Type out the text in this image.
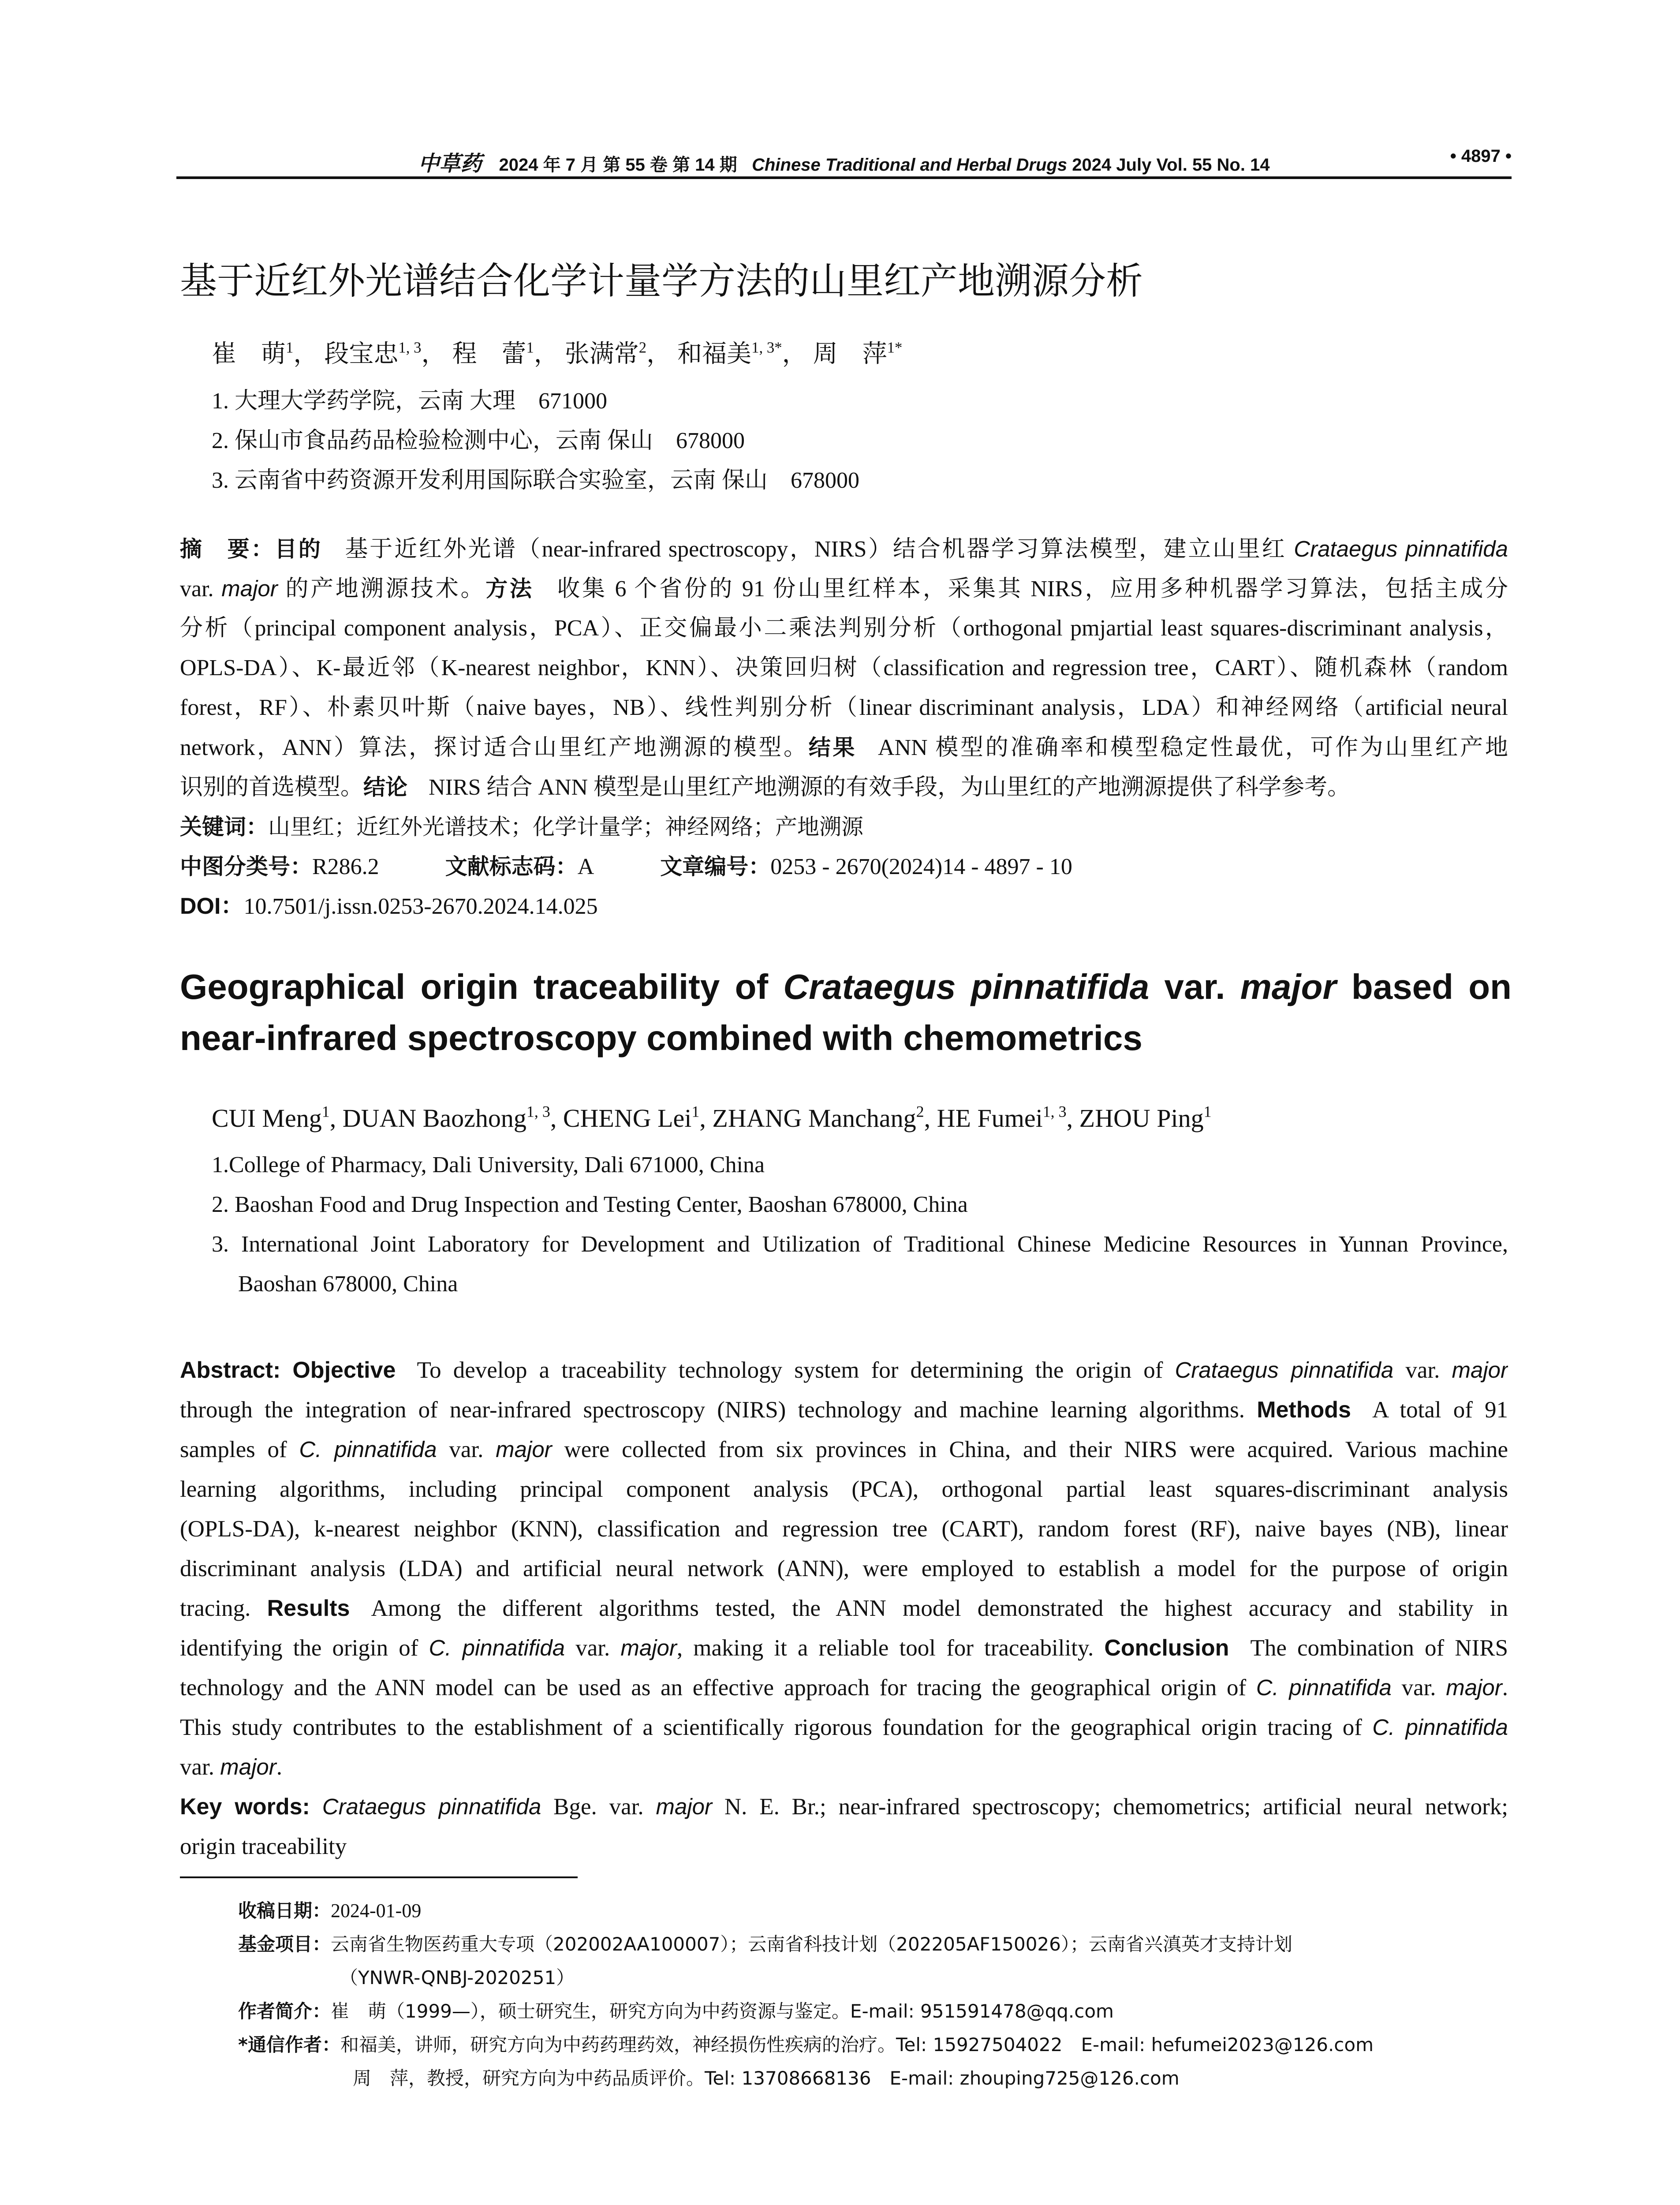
中草药 2024 年 7 月 第 55 卷 第 14 期 Chinese Traditional and Herbal Drugs 2024 July Vol. 55 No. 14	• 4897 •
基于近红外光谱结合化学计量学方法的山里红产地溯源分析
崔　萌$^1$， 段宝忠$^{1, 3}$， 程　蕾$^1$， 张满常$^2$， 和福美$^{1, 3*}$， 周　萍$^{1*}$
1. 大理大学药学院，云南 大理　671000
2. 保山市食品药品检验检测中心，云南 保山　678000
3. 云南省中药资源开发利用国际联合实验室，云南 保山　678000
摘　要：目的 基于近红外光谱（near-infrared spectroscopy，NIRS）结合机器学习算法模型，建立山里红 Crataegus pinnatifida
var. major 的产地溯源技术。方法 收集 6 个省份的 91 份山里红样本，采集其 NIRS，应用多种机器学习算法，包括主成分
分析（principal component analysis，PCA）、正交偏最小二乘法判别分析（orthogonal pmjartial least squares-discriminant analysis，
OPLS-DA）、K-最近邻（K-nearest neighbor，KNN）、决策回归树（classification and regression tree，CART）、随机森林（random
forest，RF）、朴素贝叶斯（naive bayes，NB）、线性判别分析（linear discriminant analysis，LDA）和神经网络（artificial neural
network，ANN）算法，探讨适合山里红产地溯源的模型。结果 ANN 模型的准确率和模型稳定性最优，可作为山里红产地
识别的首选模型。结论 NIRS 结合 ANN 模型是山里红产地溯源的有效手段，为山里红的产地溯源提供了科学参考。
关键词：山里红；近红外光谱技术；化学计量学；神经网络；产地溯源
中图分类号：R286.2	文献标志码：A	文章编号：0253 - 2670(2024)14 - 4897 - 10
DOI：10.7501/j.issn.0253-2670.2024.14.025
Geographical origin traceability of Crataegus pinnatifida var. major based on
near-infrared spectroscopy combined with chemometrics
CUI Meng$^1$, DUAN Baozhong$^{1, 3}$, CHENG Lei$^1$, ZHANG Manchang$^2$, HE Fumei$^{1, 3}$, ZHOU Ping$^1$
1.College of Pharmacy, Dali University, Dali 671000, China
2. Baoshan Food and Drug Inspection and Testing Center, Baoshan 678000, China
3. International Joint Laboratory for Development and Utilization of Traditional Chinese Medicine Resources in Yunnan Province,
Baoshan 678000, China
Abstract: Objective To develop a traceability technology system for determining the origin of Crataegus pinnatifida var. major
through the integration of near-infrared spectroscopy (NIRS) technology and machine learning algorithms. Methods A total of 91
samples of C. pinnatifida var. major were collected from six provinces in China, and their NIRS were acquired. Various machine
learning algorithms, including principal component analysis (PCA), orthogonal partial least squares-discriminant analysis
(OPLS-DA), k-nearest neighbor (KNN), classification and regression tree (CART), random forest (RF), naive bayes (NB), linear
discriminant analysis (LDA) and artificial neural network (ANN), were employed to establish a model for the purpose of origin
tracing. Results Among the different algorithms tested, the ANN model demonstrated the highest accuracy and stability in
identifying the origin of C. pinnatifida var. major, making it a reliable tool for traceability. Conclusion The combination of NIRS
technology and the ANN model can be used as an effective approach for tracing the geographical origin of C. pinnatifida var. major.
This study contributes to the establishment of a scientifically rigorous foundation for the geographical origin tracing of C. pinnatifida
var. major.
Key words: Crataegus pinnatifida Bge. var. major N. E. Br.; near-infrared spectroscopy; chemometrics; artificial neural network;
origin traceability
收稿日期：2024-01-09
基金项目：云南省生物医药重大专项（202002AA100007）；云南省科技计划（202205AF150026）；云南省兴滇英才支持计划
（YNWR-QNBJ-2020251）
作者简介：崔　萌（1999—），硕士研究生，研究方向为中药资源与鉴定。E-mail: 951591478@qq.com
*通信作者：和福美，讲师，研究方向为中药药理药效，神经损伤性疾病的治疗。Tel: 15927504022　E-mail: hefumei2023@126.com
周　萍，教授，研究方向为中药品质评价。Tel: 13708668136　E-mail: zhouping725@126.com
